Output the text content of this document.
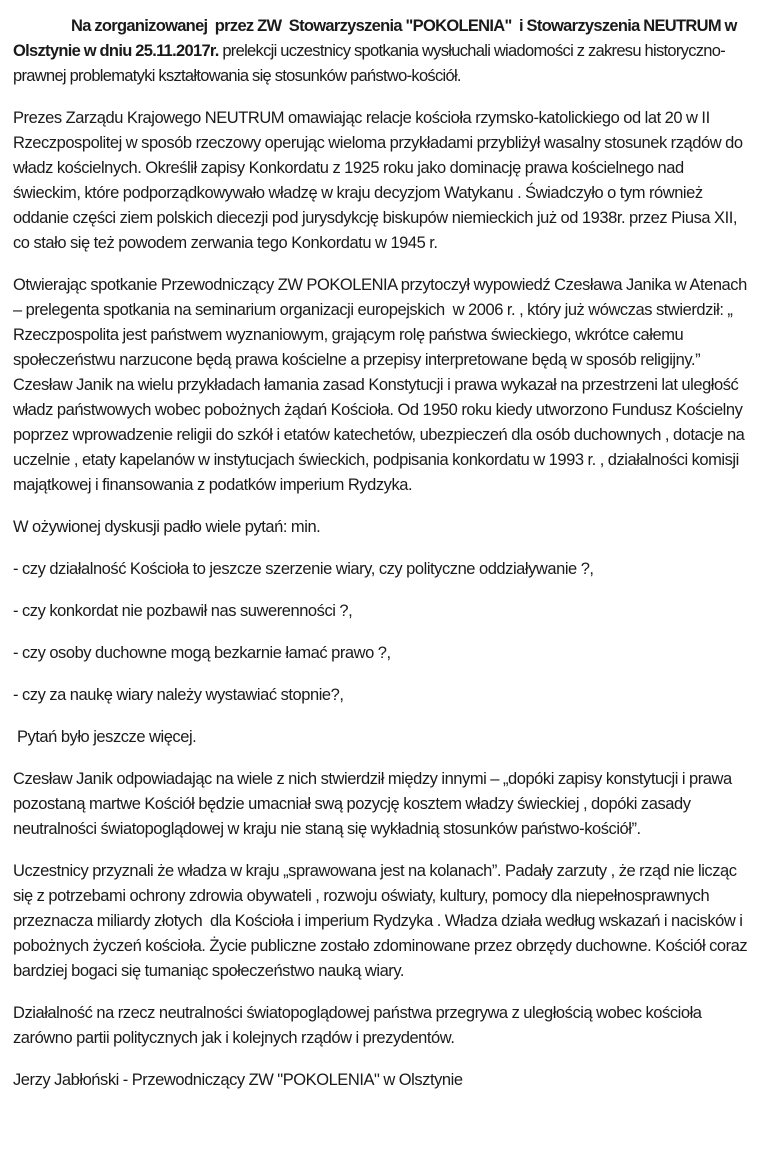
Na zorganizowanej  przez ZW  Stowarzyszenia "POKOLENIA"  i Stowarzyszenia NEUTRUM w Olsztynie w dniu 25.11.2017r. prelekcji uczestnicy spotkania wysłuchali wiadomości z zakresu historyczno-prawnej problematyki kształtowania się stosunków państwo-kościół.

Prezes Zarządu Krajowego NEUTRUM omawiając relacje kościoła rzymsko-katolickiego od lat 20 w II Rzeczpospolitej w sposób rzeczowy operując wieloma przykładami przybliżył wasalny stosunek rządów do władz kościelnych. Określił zapisy Konkordatu z 1925 roku jako dominację prawa kościelnego nad świeckim, które podporządkowywało władzę w kraju decyzjom Watykanu . Świadczyło o tym również oddanie części ziem polskich diecezji pod jurysdykcję biskupów niemieckich już od 1938r. przez Piusa XII, co stało się też powodem zerwania tego Konkordatu w 1945 r.

Otwierając spotkanie Przewodniczący ZW POKOLENIA przytoczył wypowiedź Czesława Janika w Atenach – prelegenta spotkania na seminarium organizacji europejskich  w 2006 r. , który już wówczas stwierdził: „ Rzeczpospolita jest państwem wyznaniowym, grającym rolę państwa świeckiego, wkrótce całemu społeczeństwu narzucone będą prawa kościelne a przepisy interpretowane będą w sposób religijny.” Czesław Janik na wielu przykładach łamania zasad Konstytucji i prawa wykazał na przestrzeni lat uległość władz państwowych wobec pobożnych żądań Kościoła. Od 1950 roku kiedy utworzono Fundusz Kościelny poprzez wprowadzenie religii do szkół i etatów katechetów, ubezpieczeń dla osób duchownych , dotacje na uczelnie , etaty kapelanów w instytucjach świeckich, podpisania konkordatu w 1993 r. , działalności komisji majątkowej i finansowania z podatków imperium Rydzyka.

W ożywionej dyskusji padło wiele pytań: min.

- czy działalność Kościoła to jeszcze szerzenie wiary, czy polityczne oddziaływanie ?,

- czy konkordat nie pozbawił nas suwerenności ?,

- czy osoby duchowne mogą bezkarnie łamać prawo ?,

- czy za naukę wiary należy wystawiać stopnie?,

Pytań było jeszcze więcej.

Czesław Janik odpowiadając na wiele z nich stwierdził między innymi – „dopóki zapisy konstytucji i prawa pozostaną martwe Kościół będzie umacniał swą pozycję kosztem władzy świeckiej , dopóki zasady neutralności światopoglądowej w kraju nie staną się wykładnią stosunków państwo-kościół”.

Uczestnicy przyznali że władza w kraju „sprawowana jest na kolanach”. Padały zarzuty , że rząd nie licząc się z potrzebami ochrony zdrowia obywateli , rozwoju oświaty, kultury, pomocy dla niepełnosprawnych przeznacza miliardy złotych  dla Kościoła i imperium Rydzyka . Władza działa według wskazań i nacisków i pobożnych życzeń kościoła. Życie publiczne zostało zdominowane przez obrzędy duchowne. Kościół coraz bardziej bogaci się tumaniąc społeczeństwo nauką wiary.

Działalność na rzecz neutralności światopoglądowej państwa przegrywa z uległością wobec kościoła zarówno partii politycznych jak i kolejnych rządów i prezydentów.

Jerzy Jabłoński - Przewodniczący ZW "POKOLENIA" w Olsztynie
